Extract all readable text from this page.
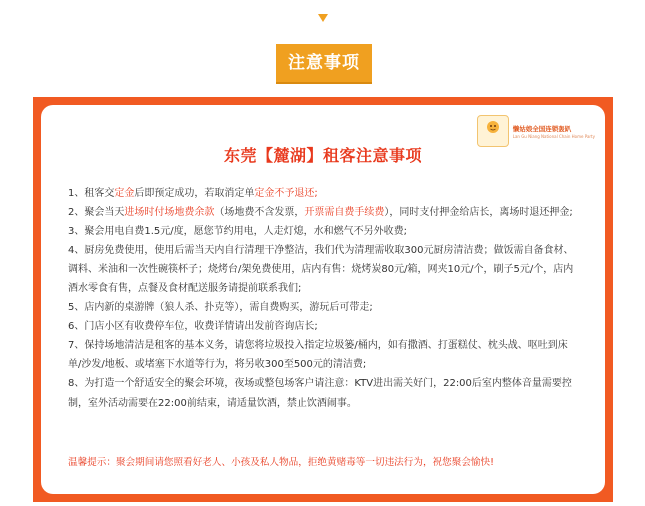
注意事项
懒姑娘全国连锁轰趴
Lan Gu Niang National Chain Home Party
东莞【麓湖】租客注意事项
1、租客交定金后即预定成功，若取消定单定金不予退还;
2、聚会当天进场时付场地费余款（场地费不含发票，开票需自费手续费），同时支付押金给店长，离场时退还押金;
3、聚会用电自费1.5元/度，愿您节约用电，人走灯熄，水和燃气不另外收费;
4、厨房免费使用，使用后需当天内自行清理干净整洁，我们代为清理需收取300元厨房清洁费；做饭需自备食材、
调料、米油和一次性碗筷杯子；烧烤台/架免费使用，店内有售：烧烤炭80元/箱，网夹10元/个，刷子5元/个，店内
酒水零食有售，点餐及食材配送服务请提前联系我们;
5、店内新的桌游牌（狼人杀、扑克等），需自费购买，游玩后可带走;
6、门店小区有收费停车位，收费详情请出发前咨询店长;
7、保持场地清洁是租客的基本义务，请您将垃圾投入指定垃圾篓/桶内，如有撒酒、打蛋糕仗、枕头战、呕吐到床
单/沙发/地板、或堵塞下水道等行为，将另收300至500元的清洁费;
8、为打造一个舒适安全的聚会环境，夜场或整包场客户请注意：KTV进出需关好门，22:00后室内整体音量需要控
制，室外活动需要在22:00前结束，请适量饮酒，禁止饮酒闹事。
温馨提示：聚会期间请您照看好老人、小孩及私人物品，拒绝黄赌毒等一切违法行为，祝您聚会愉快!
